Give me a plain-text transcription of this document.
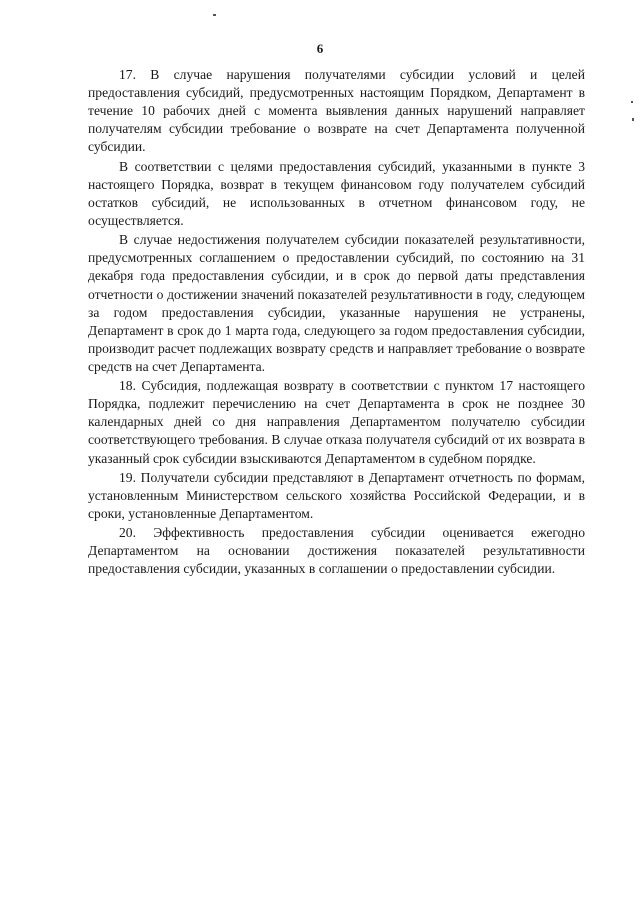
6

17. В случае нарушения получателями субсидии условий и целей предоставления субсидий, предусмотренных настоящим Порядком, Департамент в течение 10 рабочих дней с момента выявления данных нарушений направляет получателям субсидии требование о возврате на счет Департамента полученной субсидии.

В соответствии с целями предоставления субсидий, указанными в пункте 3 настоящего Порядка, возврат в текущем финансовом году получателем субсидий остатков субсидий, не использованных в отчетном финансовом году, не осуществляется.

В случае недостижения получателем субсидии показателей результативности, предусмотренных соглашением о предоставлении субсидий, по состоянию на 31 декабря года предоставления субсидии, и в срок до первой даты представления отчетности о достижении значений показателей результативности в году, следующем за годом предоставления субсидии, указанные нарушения не устранены, Департамент в срок до 1 марта года, следующего за годом предоставления субсидии, производит расчет подлежащих возврату средств и направляет требование о возврате средств на счет Департамента.

18. Субсидия, подлежащая возврату в соответствии с пунктом 17 настоящего Порядка, подлежит перечислению на счет Департамента в срок не позднее 30 календарных дней со дня направления Департаментом получателю субсидии соответствующего требования. В случае отказа получателя субсидий от их возврата в указанный срок субсидии взыскиваются Департаментом в судебном порядке.

19. Получатели субсидии представляют в Департамент отчетность по формам, установленным Министерством сельского хозяйства Российской Федерации, и в сроки, установленные Департаментом.

20. Эффективность предоставления субсидии оценивается ежегодно Департаментом на основании достижения показателей результативности предоставления субсидии, указанных в соглашении о предоставлении субсидии.
